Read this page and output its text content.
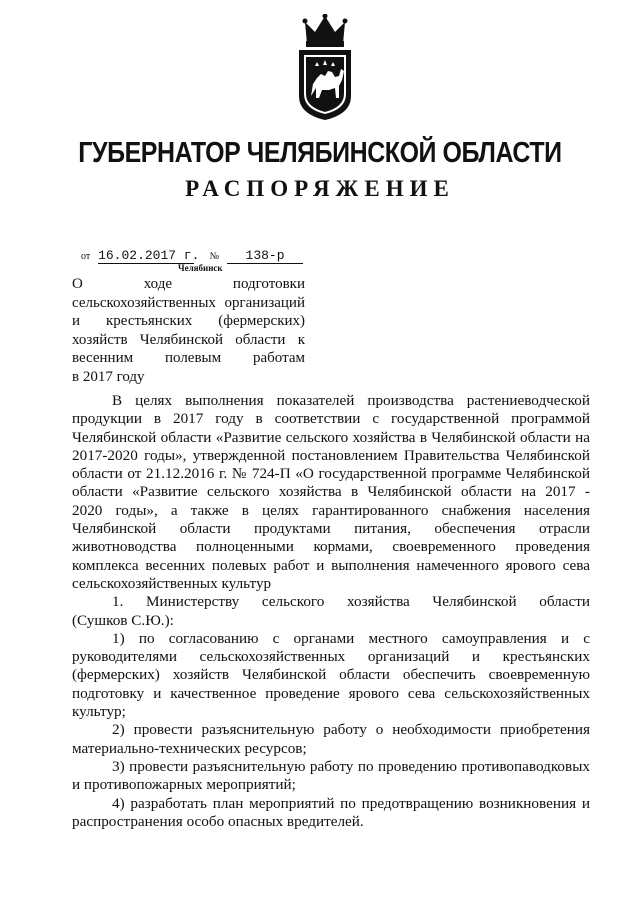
ГУБЕРНАТОР ЧЕЛЯБИНСКОЙ ОБЛАСТИ
РАСПОРЯЖЕНИЕ
от 16.02.2017 г. № 138-р
Челябинск
О ходе подготовки
сельскохозяйственных организаций
и крестьянских (фермерских)
хозяйств Челябинской области к
весенним полевым работам
в 2017 году
В целях выполнения показателей производства растениеводческой
продукции в 2017 году в соответствии с государственной программой
Челябинской области «Развитие сельского хозяйства в Челябинской области на
2017-2020 годы», утвержденной постановлением Правительства Челябинской
области от 21.12.2016 г. № 724-П «О государственной программе Челябинской
области «Развитие сельского хозяйства в Челябинской области на 2017 -
2020 годы», а также в целях гарантированного снабжения населения
Челябинской области продуктами питания, обеспечения отрасли
животноводства полноценными кормами, своевременного проведения
комплекса весенних полевых работ и выполнения намеченного ярового сева
сельскохозяйственных культур
1. Министерству сельского хозяйства Челябинской области
(Сушков С.Ю.):
1) по согласованию с органами местного самоуправления и с
руководителями сельскохозяйственных организаций и крестьянских
(фермерских) хозяйств Челябинской области обеспечить своевременную
подготовку и качественное проведение ярового сева сельскохозяйственных
культур;
2) провести разъяснительную работу о необходимости приобретения
материально-технических ресурсов;
3) провести разъяснительную работу по проведению противопаводковых
и противопожарных мероприятий;
4) разработать план мероприятий по предотвращению возникновения и
распространения особо опасных вредителей.
